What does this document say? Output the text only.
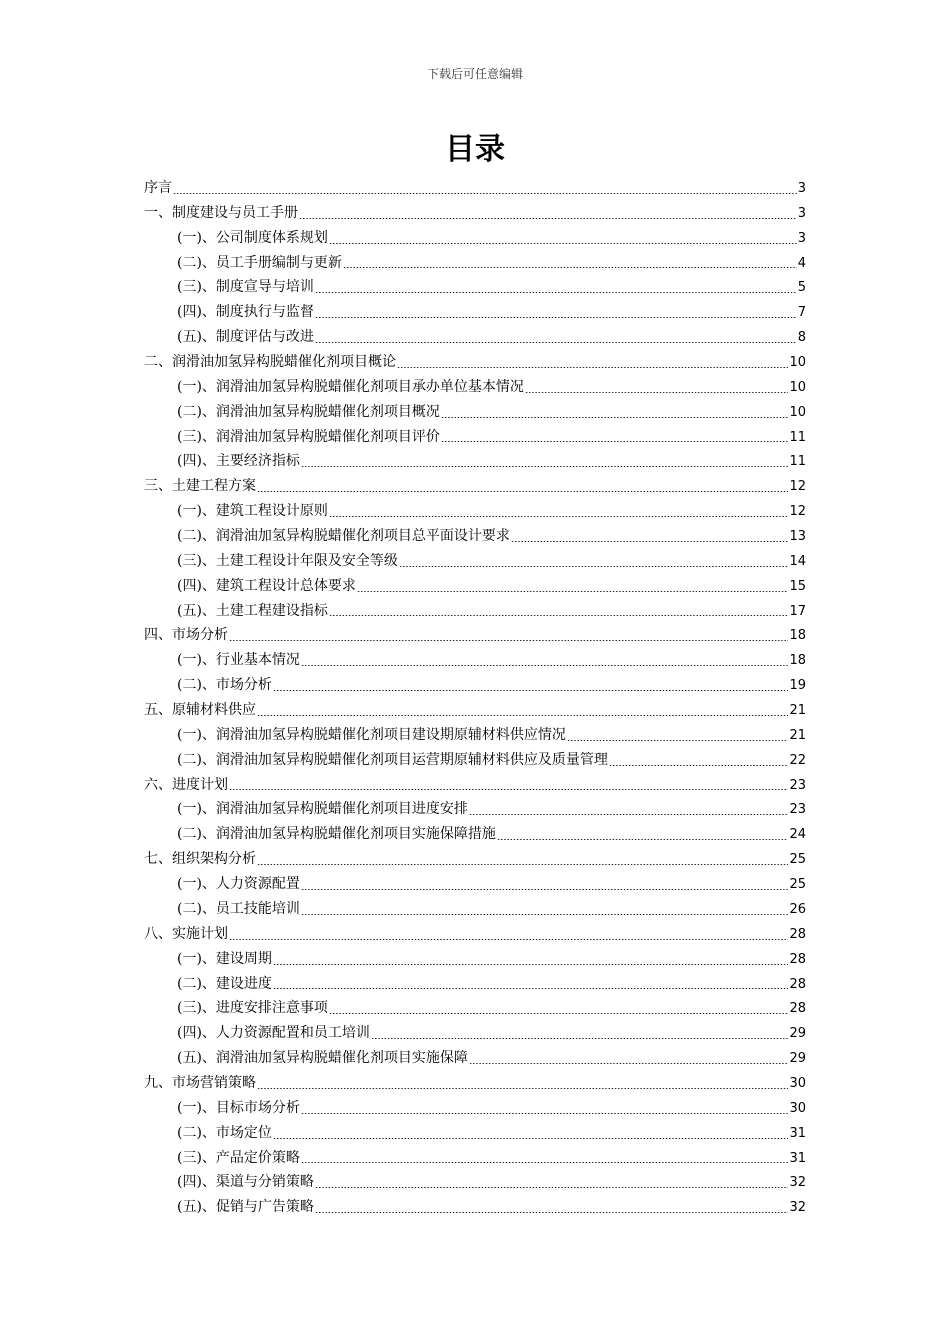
下载后可任意编辑
目录
序言	3
一、制度建设与员工手册	3
(一)、公司制度体系规划	3
(二)、员工手册编制与更新	4
(三)、制度宣导与培训	5
(四)、制度执行与监督	7
(五)、制度评估与改进	8
二、润滑油加氢异构脱蜡催化剂项目概论	10
(一)、润滑油加氢异构脱蜡催化剂项目承办单位基本情况	10
(二)、润滑油加氢异构脱蜡催化剂项目概况	10
(三)、润滑油加氢异构脱蜡催化剂项目评价	11
(四)、主要经济指标	11
三、土建工程方案	12
(一)、建筑工程设计原则	12
(二)、润滑油加氢异构脱蜡催化剂项目总平面设计要求	13
(三)、土建工程设计年限及安全等级	14
(四)、建筑工程设计总体要求	15
(五)、土建工程建设指标	17
四、市场分析	18
(一)、行业基本情况	18
(二)、市场分析	19
五、原辅材料供应	21
(一)、润滑油加氢异构脱蜡催化剂项目建设期原辅材料供应情况	21
(二)、润滑油加氢异构脱蜡催化剂项目运营期原辅材料供应及质量管理	22
六、进度计划	23
(一)、润滑油加氢异构脱蜡催化剂项目进度安排	23
(二)、润滑油加氢异构脱蜡催化剂项目实施保障措施	24
七、组织架构分析	25
(一)、人力资源配置	25
(二)、员工技能培训	26
八、实施计划	28
(一)、建设周期	28
(二)、建设进度	28
(三)、进度安排注意事项	28
(四)、人力资源配置和员工培训	29
(五)、润滑油加氢异构脱蜡催化剂项目实施保障	29
九、市场营销策略	30
(一)、目标市场分析	30
(二)、市场定位	31
(三)、产品定价策略	31
(四)、渠道与分销策略	32
(五)、促销与广告策略	32
